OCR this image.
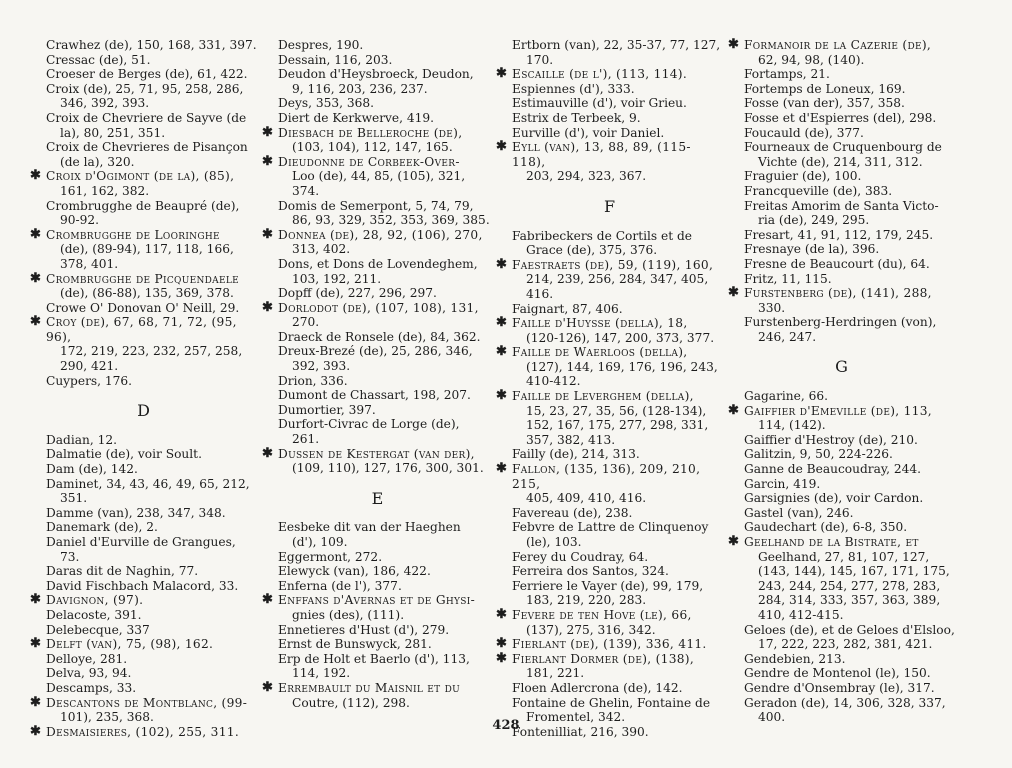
Crawhez (de), 150, 168, 331, 397.
Cressac (de), 51.
Croeser de Berges (de), 61, 422.
Croix (de), 25, 71, 95, 258, 286,
346, 392, 393.
Croix de Chevriere de Sayve (de
la), 80, 251, 351.
Croix de Chevrieres de Pisançon
(de la), 320.
✱ Croix d'Ogimont (de la), (85),
161, 162, 382.
Crombrugghe de Beaupré (de),
90-92.
✱ Crombrugghe de Looringhe
(de), (89-94), 117, 118, 166, 378, 401.
✱ Crombrugghe de Picquendaele
(de), (86-88), 135, 369, 378.
Crowe O' Donovan O' Neill, 29.
✱ Croy (de), 67, 68, 71, 72, (95, 96),
172, 219, 223, 232, 257, 258, 290, 421.
Cuypers, 176.
D
Dadian, 12.
Dalmatie (de), voir Soult.
Dam (de), 142.
Daminet, 34, 43, 46, 49, 65, 212,
351.
Damme (van), 238, 347, 348.
Danemark (de), 2.
Daniel d'Eurville de Grangues,
73.
Daras dit de Naghin, 77.
David Fischbach Malacord, 33.
✱ Davignon, (97).
Delacoste, 391.
Delebecque, 337
✱ Delft (van), 75, (98), 162.
Delloye, 281.
Delva, 93, 94.
Descamps, 33.
✱ Descantons de Montblanc, (99-
101), 235, 368.
✱ Desmaisieres, (102), 255, 311.
Despres, 190.
Dessain, 116, 203.
Deudon d'Heysbroeck, Deudon,
9, 116, 203, 236, 237.
Deys, 353, 368.
Diert de Kerkwerve, 419.
✱ Diesbach de Belleroche (de),
(103, 104), 112, 147, 165.
✱ Dieudonne de Corbeek-Over-
Loo (de), 44, 85, (105), 321, 374.
Domis de Semerpont, 5, 74, 79,
86, 93, 329, 352, 353, 369, 385.
✱ Donnea (de), 28, 92, (106), 270,
313, 402.
Dons, et Dons de Lovendeghem,
103, 192, 211.
Dopff (de), 227, 296, 297.
✱ Dorlodot (de), (107, 108), 131,
270.
Draeck de Ronsele (de), 84, 362.
Dreux-Brezé (de), 25, 286, 346,
392, 393.
Drion, 336.
Dumont de Chassart, 198, 207.
Dumortier, 397.
Durfort-Civrac de Lorge (de),
261.
✱ Dussen de Kestergat (van der),
(109, 110), 127, 176, 300, 301.
E
Eesbeke dit van der Haeghen
(d'), 109.
Eggermont, 272.
Elewyck (van), 186, 422.
Enferna (de l'), 377.
✱ Enffans d'Avernas et de Ghysi-
gnies (des), (111).
Ennetieres d'Hust (d'), 279.
Ernst de Bunswyck, 281.
Erp de Holt et Baerlo (d'), 113,
114, 192.
✱ Errembault du Maisnil et du
Coutre, (112), 298.
Ertborn (van), 22, 35-37, 77, 127,
170.
✱ Escaille (de l'), (113, 114).
Espiennes (d'), 333.
Estimauville (d'), voir Grieu.
Estrix de Terbeek, 9.
Eurville (d'), voir Daniel.
✱ Eyll (van), 13, 88, 89, (115-118),
203, 294, 323, 367.
F
Fabribeckers de Cortils et de
Grace (de), 375, 376.
✱ Faestraets (de), 59, (119), 160,
214, 239, 256, 284, 347, 405, 416.
Faignart, 87, 406.
✱ Faille d'Huysse (della), 18,
(120-126), 147, 200, 373, 377.
✱ Faille de Waerloos (della),
(127), 144, 169, 176, 196, 243, 410-412.
✱ Faille de Leverghem (della),
15, 23, 27, 35, 56, (128-134), 152, 167, 175, 277, 298, 331, 357, 382, 413.
Failly (de), 214, 313.
✱ Fallon, (135, 136), 209, 210, 215,
405, 409, 410, 416.
Favereau (de), 238.
Febvre de Lattre de Clinquenoy
(le), 103.
Ferey du Coudray, 64.
Ferreira dos Santos, 324.
Ferriere le Vayer (de), 99, 179,
183, 219, 220, 283.
✱ Fevere de ten Hove (le), 66,
(137), 275, 316, 342.
✱ Fierlant (de), (139), 336, 411.
✱ Fierlant Dormer (de), (138),
181, 221.
Floen Adlercrona (de), 142.
Fontaine de Ghelin, Fontaine de
Fromentel, 342.
Fontenilliat, 216, 390.
✱ Formanoir de la Cazerie (de),
62, 94, 98, (140).
Fortamps, 21.
Fortemps de Loneux, 169.
Fosse (van der), 357, 358.
Fosse et d'Espierres (del), 298.
Foucauld (de), 377.
Fourneaux de Cruquenbourg de
Vichte (de), 214, 311, 312.
Fraguier (de), 100.
Francqueville (de), 383.
Freitas Amorim de Santa Victo-
ria (de), 249, 295.
Fresart, 41, 91, 112, 179, 245.
Fresnaye (de la), 396.
Fresne de Beaucourt (du), 64.
Fritz, 11, 115.
✱ Furstenberg (de), (141), 288,
330.
Furstenberg-Herdringen (von),
246, 247.
G
Gagarine, 66.
✱ Gaiffier d'Emeville (de), 113,
114, (142).
Gaiffier d'Hestroy (de), 210.
Galitzin, 9, 50, 224-226.
Ganne de Beaucoudray, 244.
Garcin, 419.
Garsignies (de), voir Cardon.
Gastel (van), 246.
Gaudechart (de), 6-8, 350.
✱ Geelhand de la Bistrate, et
Geelhand, 27, 81, 107, 127, (143, 144), 145, 167, 171, 175, 243, 244, 254, 277, 278, 283, 284, 314, 333, 357, 363, 389, 410, 412-415.
Geloes (de), et de Geloes d'Elsloo,
17, 222, 223, 282, 381, 421.
Gendebien, 213.
Gendre de Montenol (le), 150.
Gendre d'Onsembray (le), 317.
Geradon (de), 14, 306, 328, 337,
400.
428
